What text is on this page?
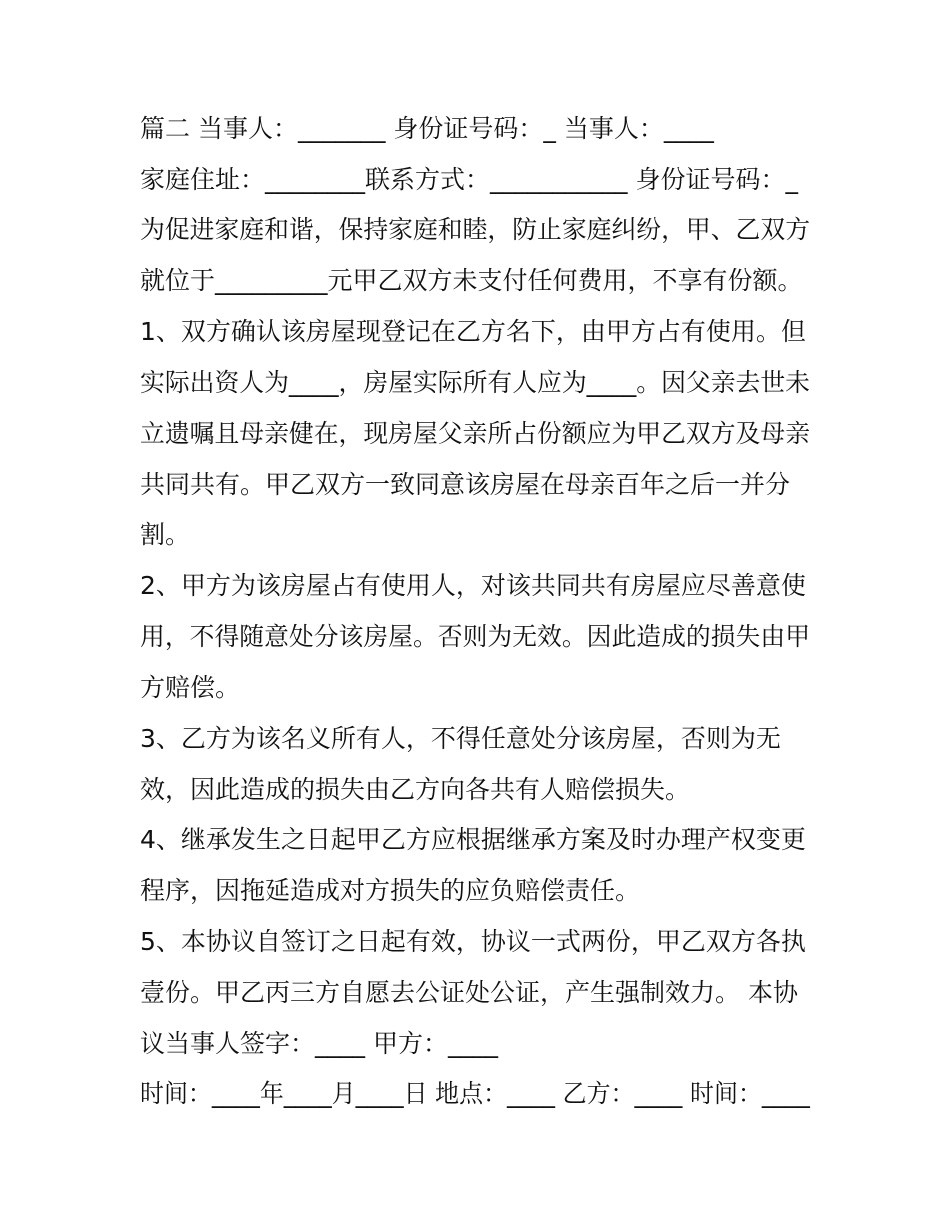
篇二 当事人：_______ 身份证号码：_ 当事人：____
家庭住址：________联系方式：___________ 身份证号码：_
为促进家庭和谐，保持家庭和睦，防止家庭纠纷，甲、乙双方
就位于_________元甲乙双方未支付任何费用，不享有份额。
1、双方确认该房屋现登记在乙方名下，由甲方占有使用。但
实际出资人为____，房屋实际所有人应为____。因父亲去世未
立遗嘱且母亲健在，现房屋父亲所占份额应为甲乙双方及母亲
共同共有。甲乙双方一致同意该房屋在母亲百年之后一并分
割。
2、甲方为该房屋占有使用人，对该共同共有房屋应尽善意使
用，不得随意处分该房屋。否则为无效。因此造成的损失由甲
方赔偿。
3、乙方为该名义所有人，不得任意处分该房屋，否则为无
效，因此造成的损失由乙方向各共有人赔偿损失。
4、继承发生之日起甲乙方应根据继承方案及时办理产权变更
程序，因拖延造成对方损失的应负赔偿责任。
5、本协议自签订之日起有效，协议一式两份，甲乙双方各执
壹份。甲乙丙三方自愿去公证处公证，产生强制效力。 本协
议当事人签字：____ 甲方：____
时间：____年____月____日 地点：____ 乙方：____ 时间：____
